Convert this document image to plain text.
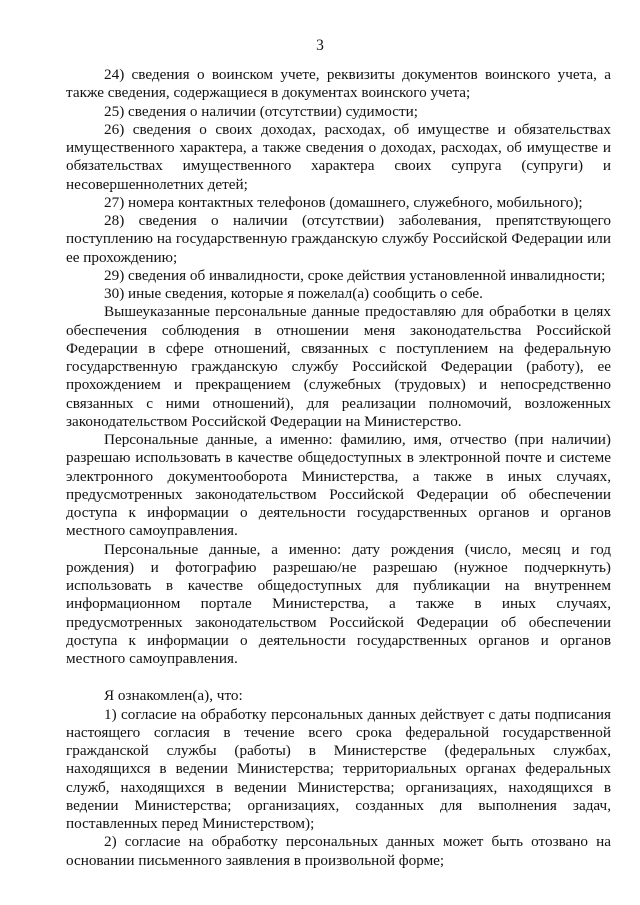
3

24) сведения о воинском учете, реквизиты документов воинского учета, а также сведения, содержащиеся в документах воинского учета;

25) сведения о наличии (отсутствии) судимости;

26) сведения о своих доходах, расходах, об имуществе и обязательствах имущественного характера, а также сведения о доходах, расходах, об имуществе и обязательствах имущественного характера своих супруга (супруги) и несовершеннолетних детей;

27) номера контактных телефонов (домашнего, служебного, мобильного);

28) сведения о наличии (отсутствии) заболевания, препятствующего поступлению на государственную гражданскую службу Российской Федерации или ее прохождению;

29) сведения об инвалидности, сроке действия установленной инвалидности;

30) иные сведения, которые я пожелал(а) сообщить о себе.

Вышеуказанные персональные данные предоставляю для обработки в целях обеспечения соблюдения в отношении меня законодательства Российской Федерации в сфере отношений, связанных с поступлением на федеральную государственную гражданскую службу Российской Федерации (работу), ее прохождением и прекращением (служебных (трудовых) и непосредственно связанных с ними отношений), для реализации полномочий, возложенных законодательством Российской Федерации на Министерство.

Персональные данные, а именно: фамилию, имя, отчество (при наличии) разрешаю использовать в качестве общедоступных в электронной почте и системе электронного документооборота Министерства, а также в иных случаях, предусмотренных законодательством Российской Федерации об обеспечении доступа к информации о деятельности государственных органов и органов местного самоуправления.

Персональные данные, а именно: дату рождения (число, месяц и год рождения) и фотографию разрешаю/не разрешаю (нужное подчеркнуть) использовать в качестве общедоступных для публикации на внутреннем информационном портале Министерства, а также в иных случаях, предусмотренных законодательством Российской Федерации об обеспечении доступа к информации о деятельности государственных органов и органов местного самоуправления.

Я ознакомлен(а), что:

1) согласие на обработку персональных данных действует с даты подписания настоящего согласия в течение всего срока федеральной государственной гражданской службы (работы) в Министерстве (федеральных службах, находящихся в ведении Министерства; территориальных органах федеральных служб, находящихся в ведении Министерства; организациях, находящихся в ведении Министерства; организациях, созданных для выполнения задач, поставленных перед Министерством);

2) согласие на обработку персональных данных может быть отозвано на основании письменного заявления в произвольной форме;
